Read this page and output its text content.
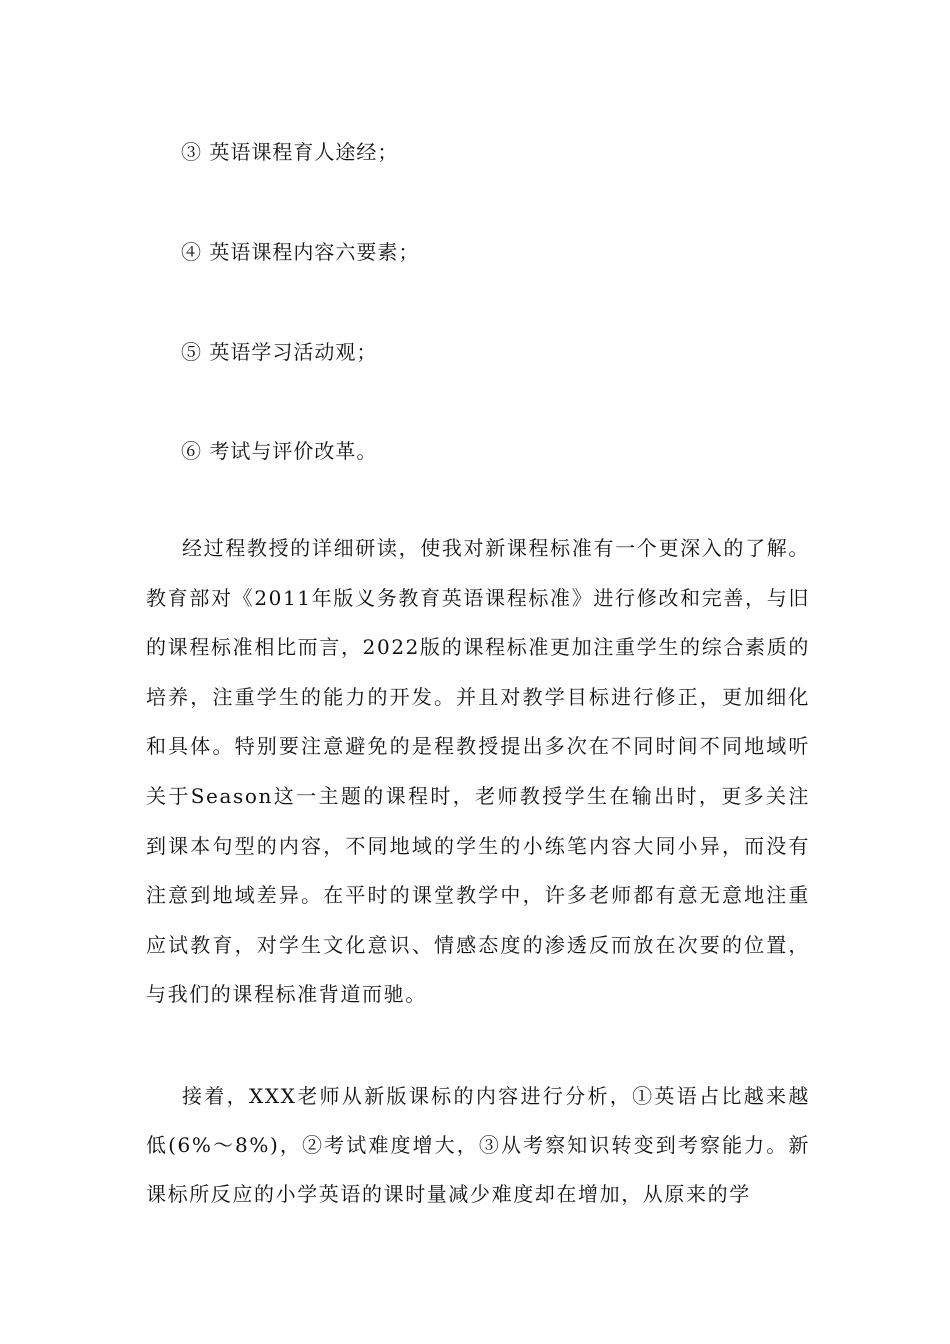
③ 英语课程育人途经；
④ 英语课程内容六要素；
⑤ 英语学习活动观；
⑥ 考试与评价改革。
经过程教授的详细研读，使我对新课程标准有一个更深入的了解。教育部对《2011年版义务教育英语课程标准》进行修改和完善，与旧的课程标准相比而言，2022版的课程标准更加注重学生的综合素质的培养，注重学生的能力的开发。并且对教学目标进行修正，更加细化和具体。特别要注意避免的是程教授提出多次在不同时间不同地域听关于Season这一主题的课程时，老师教授学生在输出时，更多关注到课本句型的内容，不同地域的学生的小练笔内容大同小异，而没有注意到地域差异。在平时的课堂教学中，许多老师都有意无意地注重应试教育，对学生文化意识、情感态度的渗透反而放在次要的位置，与我们的课程标准背道而驰。
接着，XXX老师从新版课标的内容进行分析，①英语占比越来越低(6%～8%)，②考试难度增大，③从考察知识转变到考察能力。新课标所反应的小学英语的课时量减少难度却在增加，从原来的学
